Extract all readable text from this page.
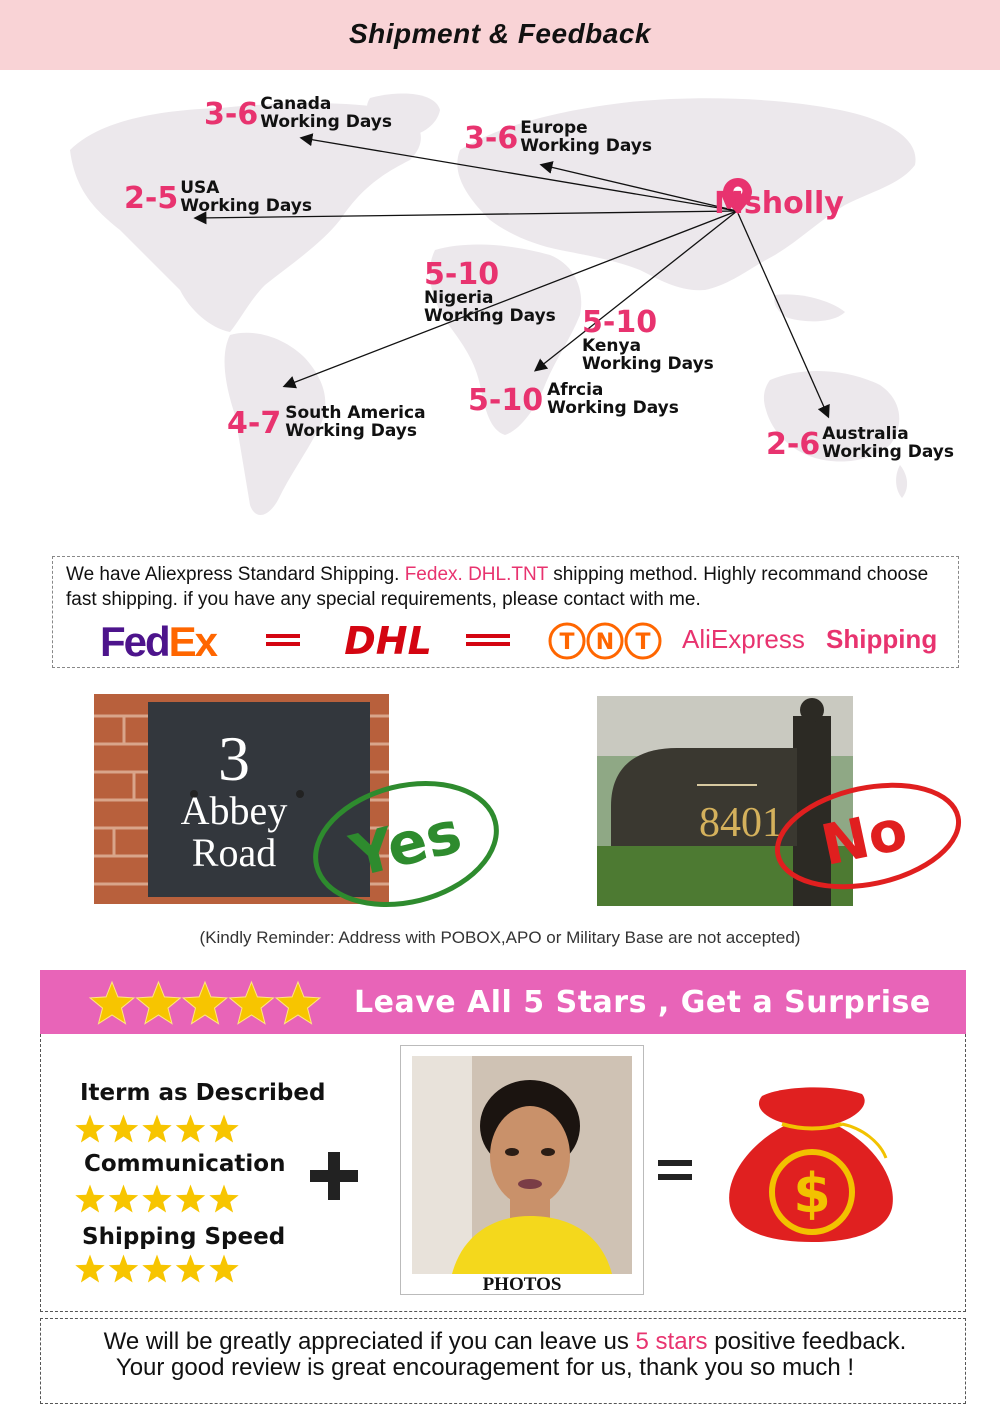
Shipment & Feedback
Msholly
3-6 Canada
Working Days 3-6 Europe
Working Days
2-5 USA
Working Days
5-10
Nigeria
Working Days 5-10
Kenya
Working Days
5-10 Afrcia
Working Days
4-7 South America
Working Days	2-6 Australia
Working Days
We have Aliexpress Standard Shipping. Fedex. DHL.TNT shipping method. Highly recommand choose fast shipping. if you have any special requirements, please contact with me.
FedEx	DHL	T N T AliExpress Shipping
3
Abbey
Road Yes	8401 No
(Kindly Reminder: Address with POBOX,APO or Military Base are not accepted)
Leave All 5 Stars , Get a Surprise
Iterm as Described
Communication
Shipping Speed
PHOTOS
$
We will be greatly appreciated if you can leave us 5 stars positive feedback.
Your good review is great encouragement for us, thank you so much !
